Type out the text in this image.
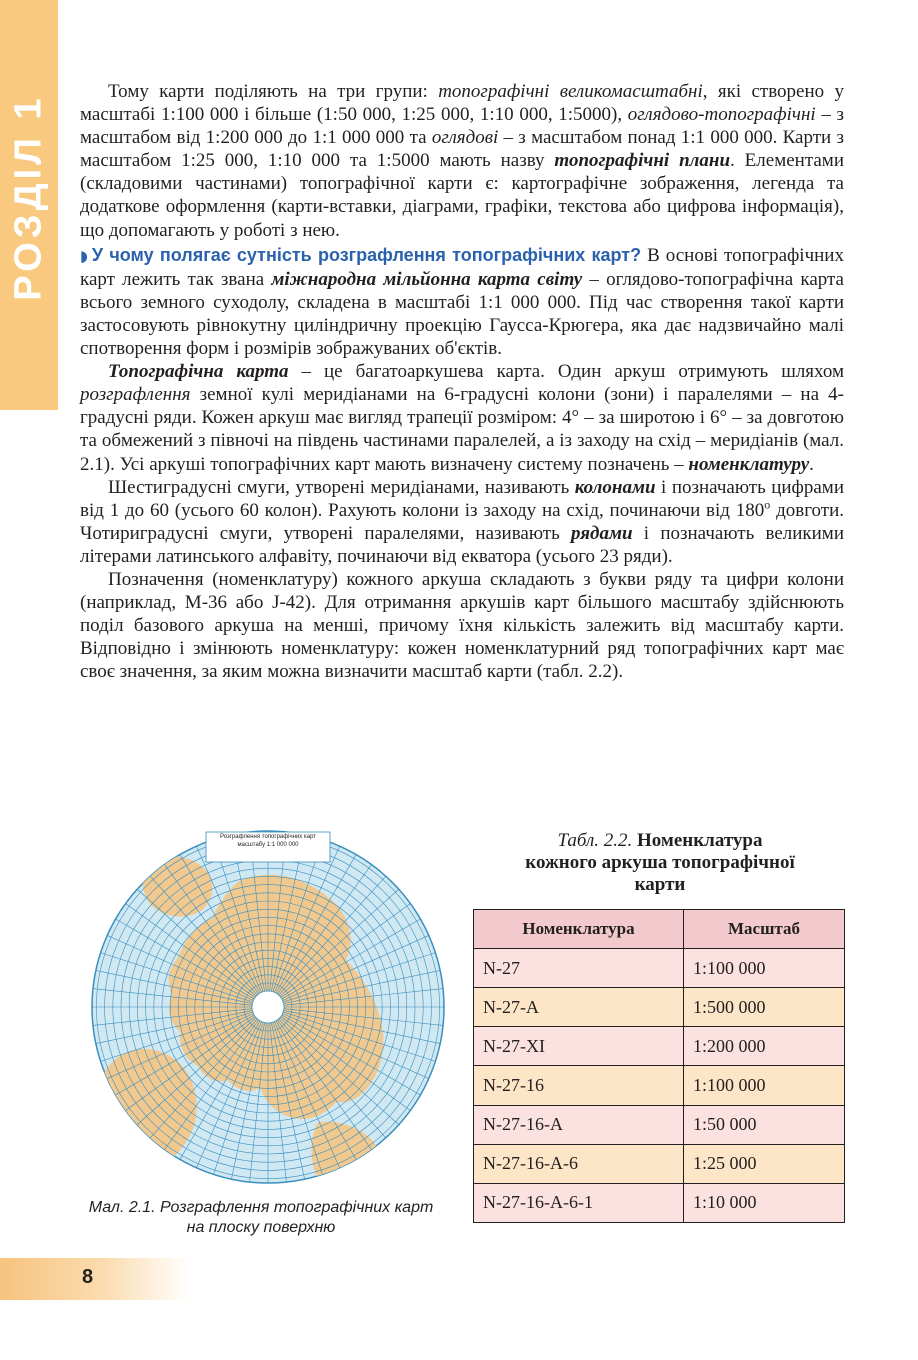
РОЗДІЛ 1

Тому карти поділяють на три групи: топографічні великомасштабні, які створено у масштабі 1:100 000 і більше (1:50 000, 1:25 000, 1:10 000, 1:5000), оглядово-топографічні – з масштабом від 1:200 000 до 1:1 000 000 та оглядові – з масштабом понад 1:1 000 000. Карти з масштабом 1:25 000, 1:10 000 та 1:5000 мають назву топографічні плани. Елементами (складовими частинами) топографічної карти є: картографічне зображення, легенда та додаткове оформлення (карти-вставки, діаграми, графіки, текстова або цифрова інформація), що допомагають у роботі з нею.

◗ У чому полягає сутність розграфлення топографічних карт? В основі топографічних карт лежить так звана міжнародна мільйонна карта світу – оглядово-топографічна карта всього земного суходолу, складена в масштабі 1:1 000 000. Під час створення такої карти застосовують рівнокутну циліндричну проекцію Гаусса-Крюгера, яка дає надзвичайно малі спотворення форм і розмірів зображуваних об'єктів.

Топографічна карта – це багатоаркушева карта. Один аркуш отримують шляхом розграфлення земної кулі меридіанами на 6-градусні колони (зони) і паралелями – на 4-градусні ряди. Кожен аркуш має вигляд трапеції розміром: 4° – за широтою і 6° – за довготою та обмежений з півночі на південь частинами паралелей, а із заходу на схід – меридіанів (мал. 2.1). Усі аркуші топографічних карт мають визначену систему позначень – номенклатуру.

Шестиградусні смуги, утворені меридіанами, називають колонами і позначають цифрами від 1 до 60 (усього 60 колон). Рахують колони із заходу на схід, починаючи від $180^о$ довготи. Чотириградусні смуги, утворені паралелями, називають рядами і позначають великими літерами латинського алфавіту, починаючи від екватора (усього 23 ряди).

Позначення (номенклатуру) кожного аркуша складають з букви ряду та цифри колони (наприклад, М-36 або J-42). Для отримання аркушів карт більшого масштабу здійснюють поділ базового аркуша на менші, причому їхня кількість залежить від масштабу карти. Відповідно і змінюють номенклатуру: кожен номенклатурний ряд топографічних карт має своє значення, за яким можна визначити масштаб карти (табл. 2.2).

Розграфлення топографічних карт масштабу 1:1 000 000
Мал. 2.1. Розграфлення топографічних карт на плоску поверхню
Табл. 2.2. Номенклатура кожного аркуша топографічної карти
Номенклатура	Масштаб
N-27	1:100 000
N-27-А	1:500 000
N-27-XI	1:200 000
N-27-16	1:100 000
N-27-16-А	1:50 000
N-27-16-А-6	1:25 000
N-27-16-А-6-1	1:10 000
8
